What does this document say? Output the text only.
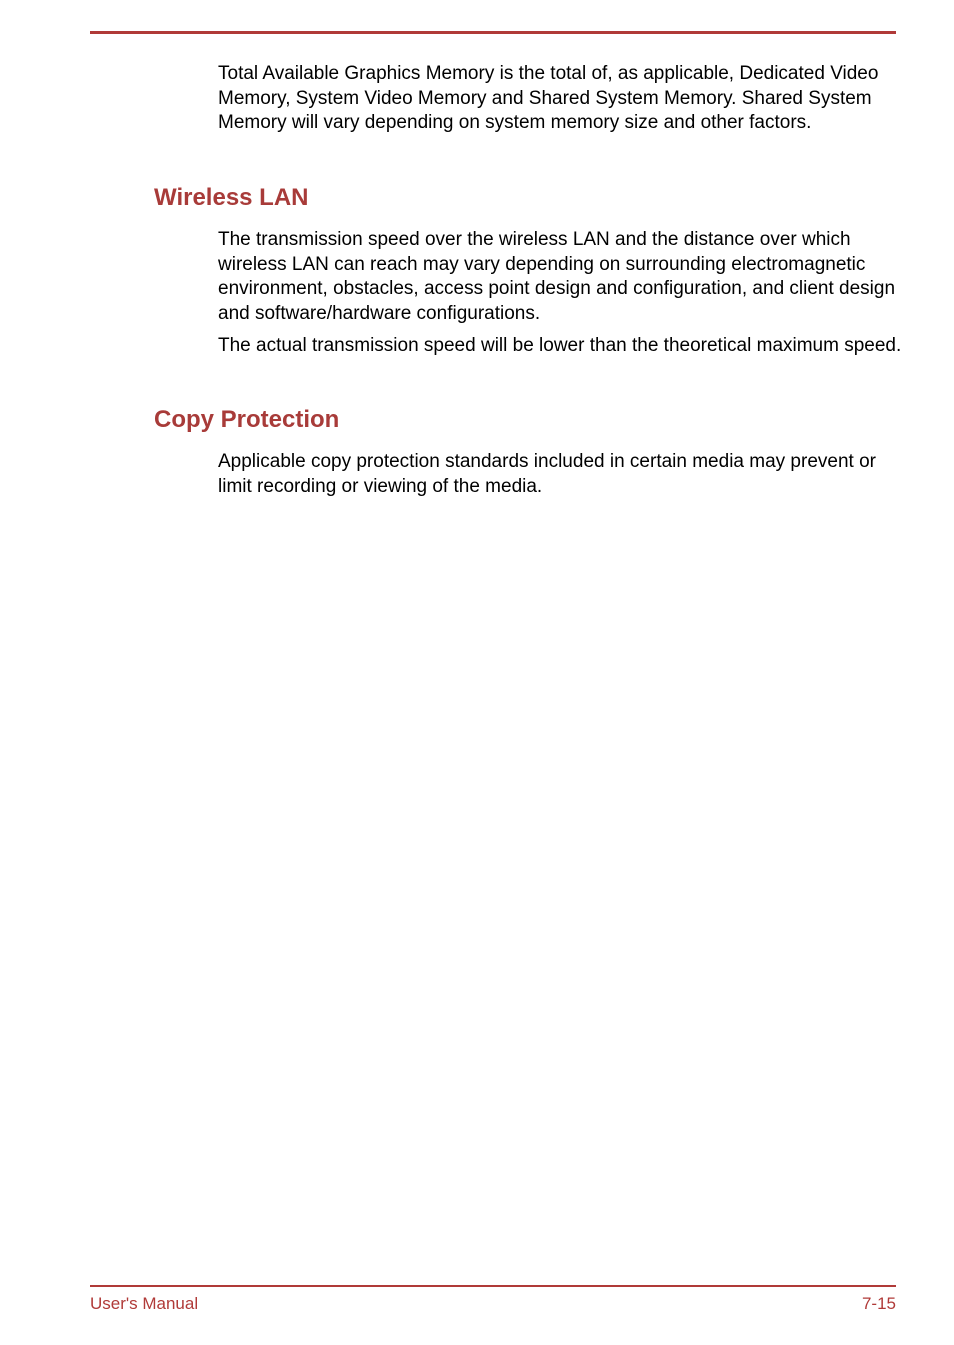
Total Available Graphics Memory is the total of, as applicable, Dedicated Video Memory, System Video Memory and Shared System Memory. Shared System Memory will vary depending on system memory size and other factors.

Wireless LAN

The transmission speed over the wireless LAN and the distance over which wireless LAN can reach may vary depending on surrounding electromagnetic environment, obstacles, access point design and configuration, and client design and software/hardware configurations.

The actual transmission speed will be lower than the theoretical maximum speed.

Copy Protection

Applicable copy protection standards included in certain media may prevent or limit recording or viewing of the media.

User's Manual	7-15
